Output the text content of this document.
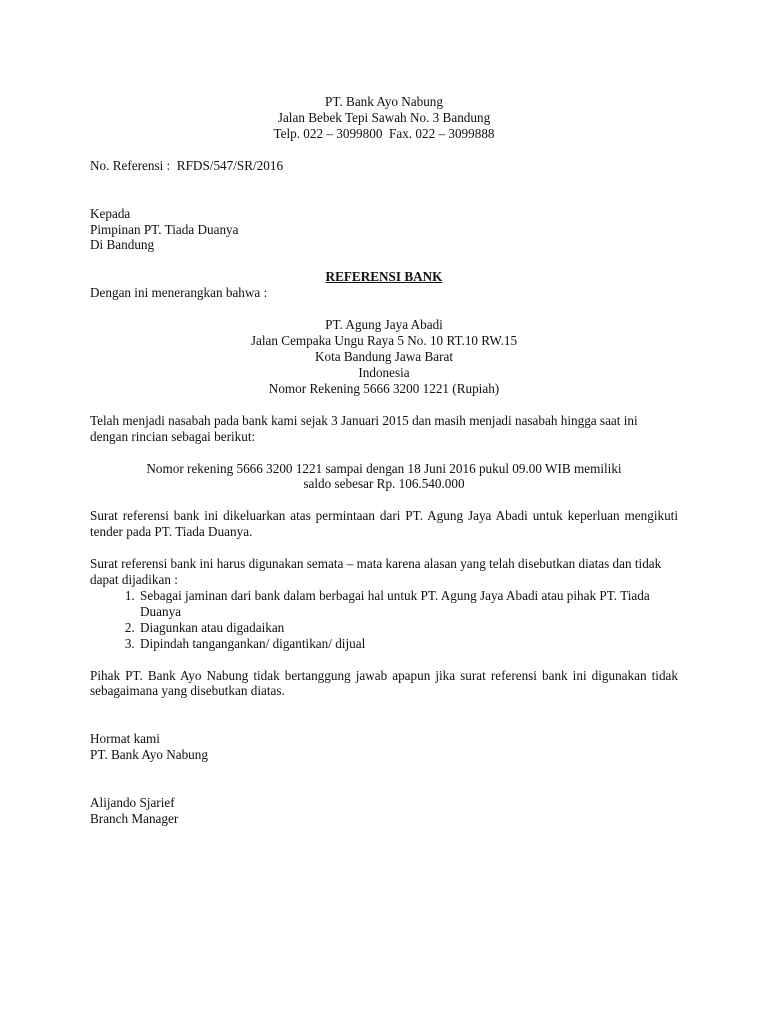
PT. Bank Ayo Nabung
Jalan Bebek Tepi Sawah No. 3 Bandung
Telp. 022 – 3099800  Fax. 022 – 3099888
No. Referensi :  RFDS/547/SR/2016
Kepada
Pimpinan PT. Tiada Duanya
Di Bandung
REFERENSI BANK
Dengan ini menerangkan bahwa :
PT. Agung Jaya Abadi
Jalan Cempaka Ungu Raya 5 No. 10 RT.10 RW.15
Kota Bandung Jawa Barat
Indonesia
Nomor Rekening 5666 3200 1221 (Rupiah)
Telah menjadi nasabah pada bank kami sejak 3 Januari 2015 dan masih menjadi nasabah hingga saat ini dengan rincian sebagai berikut:
Nomor rekening 5666 3200 1221 sampai dengan 18 Juni 2016 pukul 09.00 WIB memiliki
saldo sebesar Rp. 106.540.000
Surat referensi bank ini dikeluarkan atas permintaan dari PT. Agung Jaya Abadi untuk keperluan mengikuti tender pada PT. Tiada Duanya.
Surat referensi bank ini harus digunakan semata – mata karena alasan yang telah disebutkan diatas dan tidak dapat dijadikan :
1. Sebagai jaminan dari bank dalam berbagai hal untuk PT. Agung Jaya Abadi atau pihak PT. Tiada Duanya
2. Diagunkan atau digadaikan
3. Dipindah tangangankan/ digantikan/ dijual
Pihak PT. Bank Ayo Nabung tidak bertanggung jawab apapun jika surat referensi bank ini digunakan tidak sebagaimana yang disebutkan diatas.
Hormat kami
PT. Bank Ayo Nabung
Alijando Sjarief
Branch Manager
